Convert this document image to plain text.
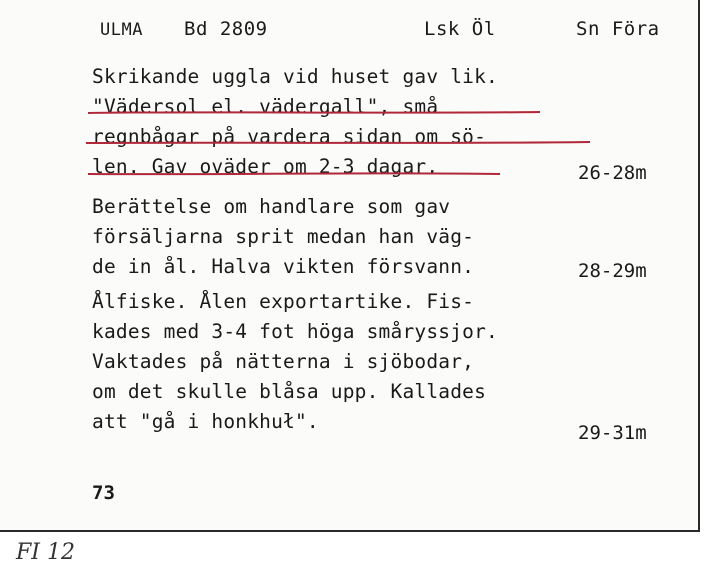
ULMA Bd 2809	Lsk Öl	Sn Föra
Skrikande uggla vid huset gav lik.
"Vädersol el. vädergall", små
regnbågar på vardera sidan om sö-
len. Gav oväder om 2-3 dagar.	26-28m
Berättelse om handlare som gav
försäljarna sprit medan han väg-
de in ål. Halva vikten försvann.	28-29m
Ålfiske. Ålen exportartike. Fis-
kades med 3-4 fot höga småryssjor.
Vaktades på nätterna i sjöbodar,
om det skulle blåsa upp. Kallades
att "gå i honkhuł".	29-31m
73
FI 12
